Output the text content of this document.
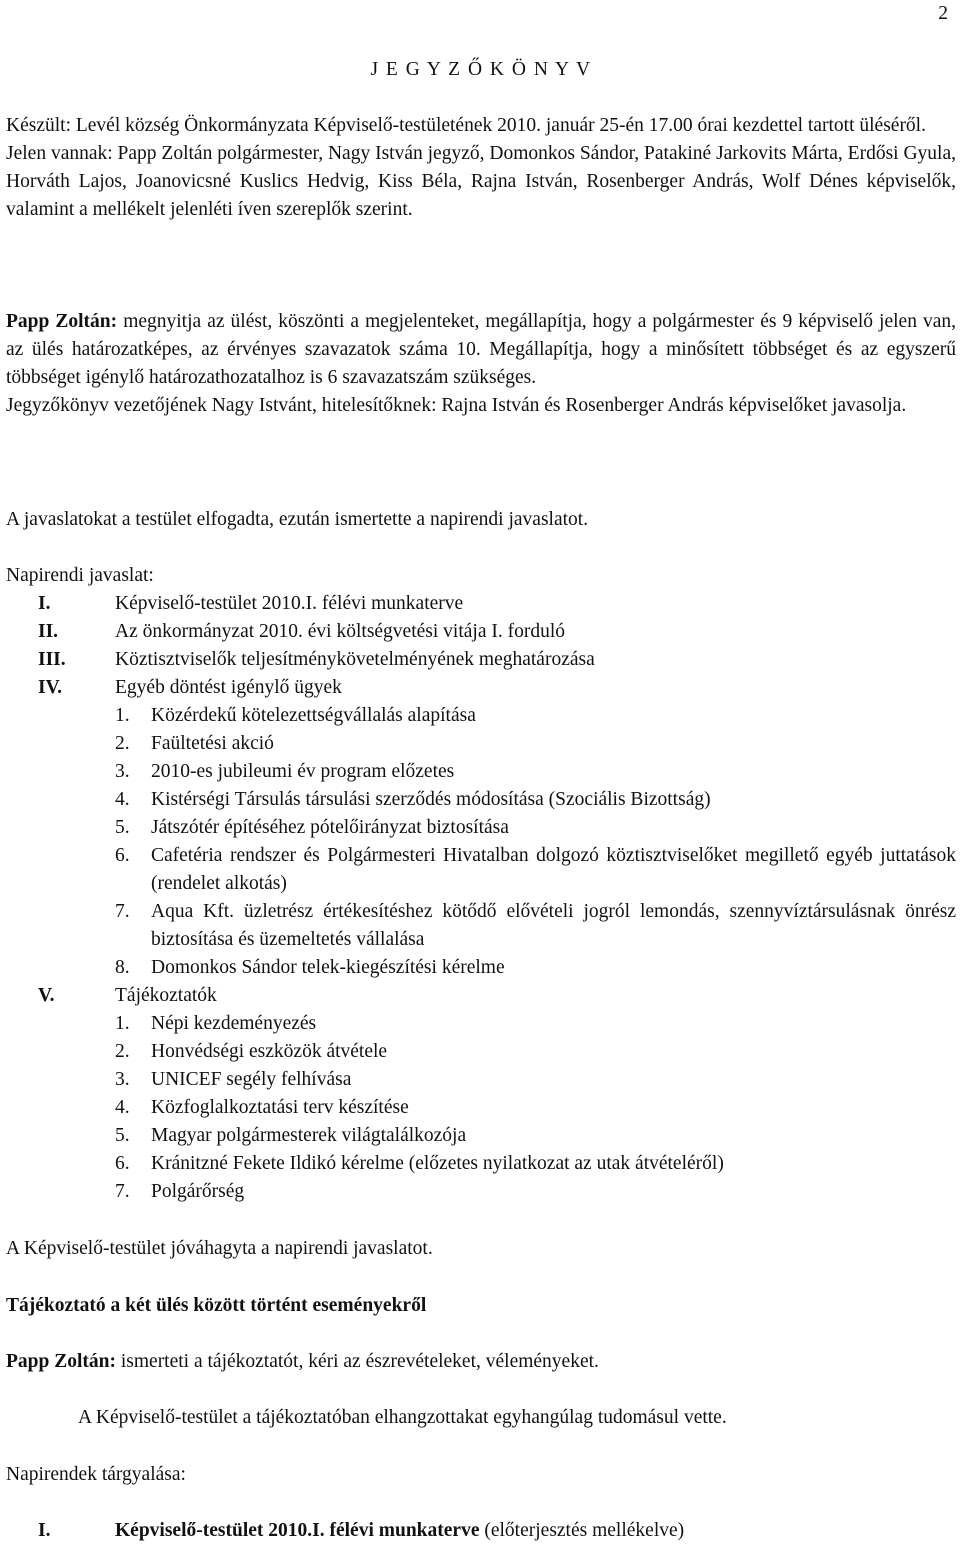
2
J E G Y Z Ő K Ö N Y V

Készült: Levél község Önkormányzata Képviselő-testületének 2010. január 25-én 17.00 órai kezdettel tartott üléséről.

Jelen vannak: Papp Zoltán polgármester, Nagy István jegyző, Domonkos Sándor, Patakiné Jarkovits Márta, Erdősi Gyula, Horváth Lajos, Joanovicsné Kuslics Hedvig, Kiss Béla, Rajna István, Rosenberger András, Wolf Dénes képviselők, valamint a mellékelt jelenléti íven szereplők szerint.

Papp Zoltán: megnyitja az ülést, köszönti a megjelenteket, megállapítja, hogy a polgármester és 9 képviselő jelen van, az ülés határozatképes, az érvényes szavazatok száma 10. Megállapítja, hogy a minősített többséget és az egyszerű többséget igénylő határozathozatalhoz is 6 szavazatszám szükséges.

Jegyzőkönyv vezetőjének Nagy Istvánt, hitelesítőknek: Rajna István és Rosenberger András képviselőket javasolja.

A javaslatokat a testület elfogadta, ezután ismertette a napirendi javaslatot.
Napirendi javaslat:
I.	Képviselő-testület 2010.I. félévi munkaterve
II.	Az önkormányzat 2010. évi költségvetési vitája I. forduló
III.	Köztisztviselők teljesítménykövetelményének meghatározása
IV.	Egyéb döntést igénylő ügyek
1.	Közérdekű kötelezettségvállalás alapítása
2.	Faültetési akció
3.	2010-es jubileumi év program előzetes
4.	Kistérségi Társulás társulási szerződés módosítása (Szociális Bizottság)
5.	Játszótér építéséhez pótelőirányzat biztosítása
6.	Cafetéria rendszer és Polgármesteri Hivatalban dolgozó köztisztviselőket megillető egyéb juttatások (rendelet alkotás)
7.	Aqua Kft. üzletrész értékesítéshez kötődő elővételi jogról lemondás, szennyvíztársulásnak önrész biztosítása és üzemeltetés vállalása
8.	Domonkos Sándor telek-kiegészítési kérelme
V.	Tájékoztatók
1.	Népi kezdeményezés
2.	Honvédségi eszközök átvétele
3.	UNICEF segély felhívása
4.	Közfoglalkoztatási terv készítése
5.	Magyar polgármesterek világtalálkozója
6.	Kránitzné Fekete Ildikó kérelme (előzetes nyilatkozat az utak átvételéről)
7.	Polgárőrség
A Képviselő-testület jóváhagyta a napirendi javaslatot.
Tájékoztató a két ülés között történt eseményekről
Papp Zoltán: ismerteti a tájékoztatót, kéri az észrevételeket, véleményeket.
A Képviselő-testület a tájékoztatóban elhangzottakat egyhangúlag tudomásul vette.
Napirendek tárgyalása:
I.	Képviselő-testület 2010.I. félévi munkaterve (előterjesztés mellékelve)
